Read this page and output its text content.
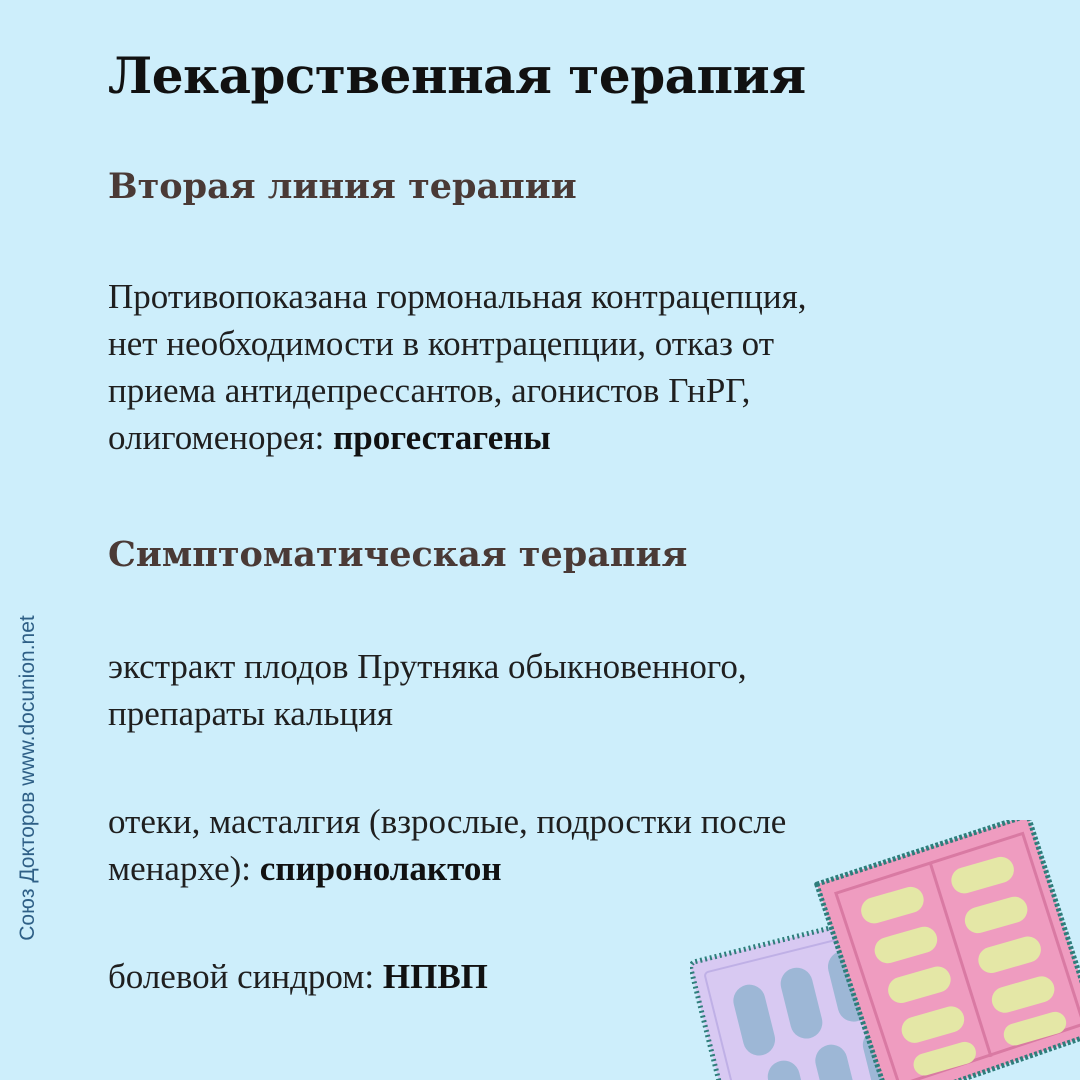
Лекарственная терапия
Вторая линия терапии
Противопоказана гормональная контрацепция,
нет необходимости в контрацепции, отказ от
приема антидепрессантов, агонистов ГнРГ,
олигоменорея: прогестагены
Симптоматическая терапия
экстракт плодов Прутняка обыкновенного,
препараты кальция
отеки, масталгия (взрослые, подростки после
менархе): спиронолактон
болевой синдром: НПВП
Союз Докторов www.docunion.net
